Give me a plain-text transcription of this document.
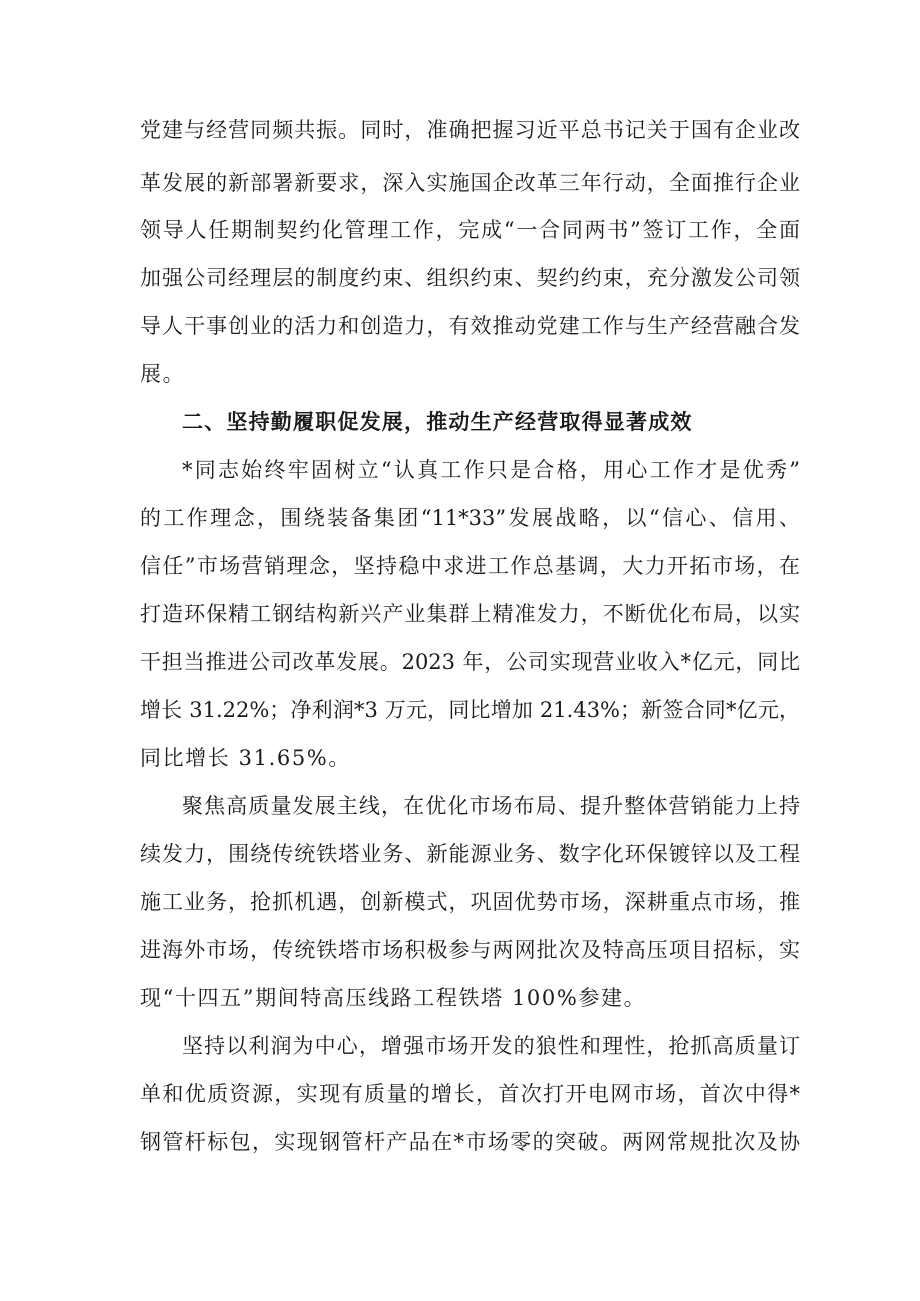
党建与经营同频共振。同时，准确把握习近平总书记关于国有企业改
革发展的新部署新要求，深入实施国企改革三年行动，全面推行企业
领导人任期制契约化管理工作，完成“一合同两书”签订工作，全面
加强公司经理层的制度约束、组织约束、契约约束，充分激发公司领
导人干事创业的活力和创造力，有效推动党建工作与生产经营融合发
展。
二、坚持勤履职促发展，推动生产经营取得显著成效
*同志始终牢固树立“认真工作只是合格，用心工作才是优秀”
的工作理念，围绕装备集团“11*33”发展战略，以“信心、信用、
信任”市场营销理念，坚持稳中求进工作总基调，大力开拓市场，在
打造环保精工钢结构新兴产业集群上精准发力，不断优化布局，以实
干担当推进公司改革发展。2023 年，公司实现营业收入*亿元，同比
增长 31.22%；净利润*3 万元，同比增加 21.43%；新签合同*亿元，
同比增长 31.65%。
聚焦高质量发展主线，在优化市场布局、提升整体营销能力上持
续发力，围绕传统铁塔业务、新能源业务、数字化环保镀锌以及工程
施工业务，抢抓机遇，创新模式，巩固优势市场，深耕重点市场，推
进海外市场，传统铁塔市场积极参与两网批次及特高压项目招标，实
现“十四五”期间特高压线路工程铁塔 100%参建。
坚持以利润为中心，增强市场开发的狼性和理性，抢抓高质量订
单和优质资源，实现有质量的增长，首次打开电网市场，首次中得*
钢管杆标包，实现钢管杆产品在*市场零的突破。两网常规批次及协
